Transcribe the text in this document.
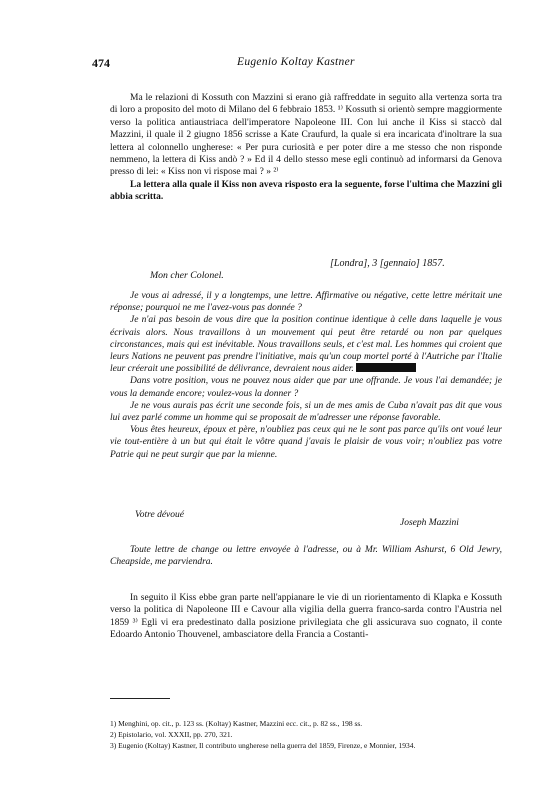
474	Eugenio Koltay Kastner

Ma le relazioni di Kossuth con Mazzini si erano già raffreddate in seguito alla vertenza sorta tra di loro a proposito del moto di Milano del 6 febbraio 1853. ¹⁾ Kossuth si orientò sempre maggiormente verso la politica antiaustriaca dell'imperatore Napoleone III. Con lui anche il Kiss si staccò dal Mazzini, il quale il 2 giugno 1856 scrisse a Kate Craufurd, la quale si era incaricata d'inoltrare la sua lettera al colonnello ungherese: « Per pura curiosità e per poter dire a me stesso che non risponde nemmeno, la lettera di Kiss andò ? » Ed il 4 dello stesso mese egli continuò ad informarsi da Genova presso di lei: « Kiss non vi rispose mai ? » ²⁾

La lettera alla quale il Kiss non aveva risposto era la seguente, forse l'ultima che Mazzini gli abbia scritta.

[Londra], 3 [gennaio] 1857.
Mon cher Colonel.

Je vous ai adressé, il y a longtemps, une lettre. Affirmative ou négative, cette lettre méritait une réponse; pourquoi ne me l'avez-vous pas donnée ?

Je n'ai pas besoin de vous dire que la position continue identique à celle dans laquelle je vous écrivais alors. Nous travaillons à un mouvement qui peut être retardé ou non par quelques circonstances, mais qui est inévitable. Nous travaillons seuls, et c'est mal. Les hommes qui croient que leurs Nations ne peuvent pas prendre l'initiative, mais qu'un coup mortel porté à l'Autriche par l'Italie leur créerait une possibilité de délivrance, devraient nous aider.

Dans votre position, vous ne pouvez nous aider que par une offrande. Je vous l'ai demandée; je vous la demande encore; voulez-vous la donner ?

Je ne vous aurais pas écrit une seconde fois, si un de mes amis de Cuba n'avait pas dit que vous lui avez parlé comme un homme qui se proposait de m'adresser une réponse favorable.

Vous êtes heureux, époux et père, n'oubliez pas ceux qui ne le sont pas parce qu'ils ont voué leur vie tout-entière à un but qui était le vôtre quand j'avais le plaisir de vous voir; n'oubliez pas votre Patrie qui ne peut surgir que par la mienne.

Votre dévoué
Joseph Mazzini

Toute lettre de change ou lettre envoyée à l'adresse, ou à Mr. William Ashurst, 6 Old Jewry, Cheapside, me parviendra.

In seguito il Kiss ebbe gran parte nell'appianare le vie di un riorientamento di Klapka e Kossuth verso la politica di Napoleone III e Cavour alla vigilia della guerra franco-sarda contro l'Austria nel 1859 ³⁾ Egli vi era predestinato dalla posizione privilegiata che gli assicurava suo cognato, il conte Edoardo Antonio Thouvenel, ambasciatore della Francia a Costanti-

1) Menghini, op. cit., p. 123 ss. (Koltay) Kastner, Mazzini ecc. cit., p. 82 ss., 198 ss.

2) Epistolario, vol. XXXII, pp. 270, 321.

3) Eugenio (Koltay) Kastner, Il contributo ungherese nella guerra del 1859, Firenze, e Monnier, 1934.
